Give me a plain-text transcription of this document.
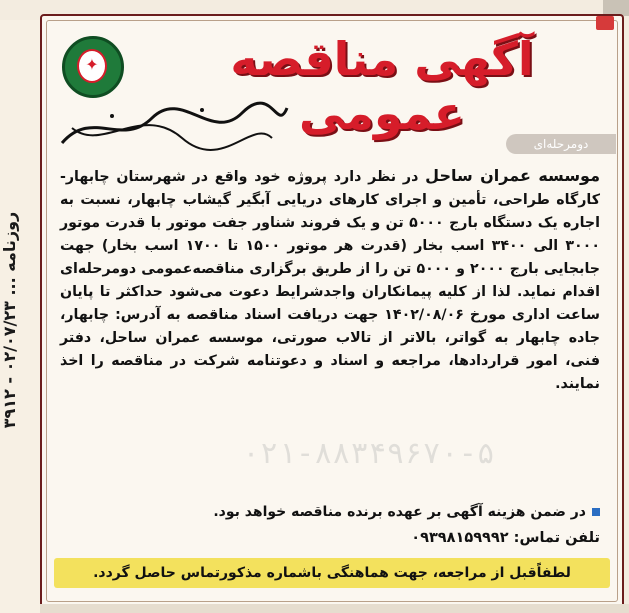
روزنامه ... ۰۲/۰۷/۲۳ - ۳۹۱۲
✦	آگهی مناقصه عمومی
دومرحله‌ای
۰۲۱-۸۸۳۴۹۶۷۰-۵
موسسه عمران ساحل در نظر دارد پروژه خود واقع در شهرستان چابهار- کارگاه طراحی، تأمین و اجرای کارهای دریایی آبگیر گیشاب چابهار، نسبت به اجاره یک دستگاه بارج ۵۰۰۰ تن و یک فروند شناور جفت موتور با قدرت موتور ۳۰۰۰ الی ۳۴۰۰ اسب بخار (قدرت هر موتور ۱۵۰۰ تا ۱۷۰۰ اسب بخار) جهت جابجایی بارج ۲۰۰۰ و ۵۰۰۰ تن را از طریق برگزاری مناقصه‌عمومی دومرحله‌ای اقدام نماید. لذا از کلیه پیمانکاران واجدشرایط دعوت می‌شود حداکثر تا پایان ساعت اداری مورخ ۱۴۰۲/۰۸/۰۶ جهت دریافت اسناد مناقصه به آدرس: چابهار، جاده چابهار به گواتر، بالاتر از تالاب صورتی، موسسه عمران ساحل، دفتر فنی، امور قراردادها، مراجعه و اسناد و دعوتنامه شرکت در مناقصه را اخذ نمایند.
در ضمن هزینه آگهی بر عهده برنده مناقصه خواهد بود.
تلفن تماس: ۰۹۳۹۸۱۵۹۹۹۲
لطفاًقبل از مراجعه، جهت هماهنگی باشماره مذکورتماس حاصل گردد.
